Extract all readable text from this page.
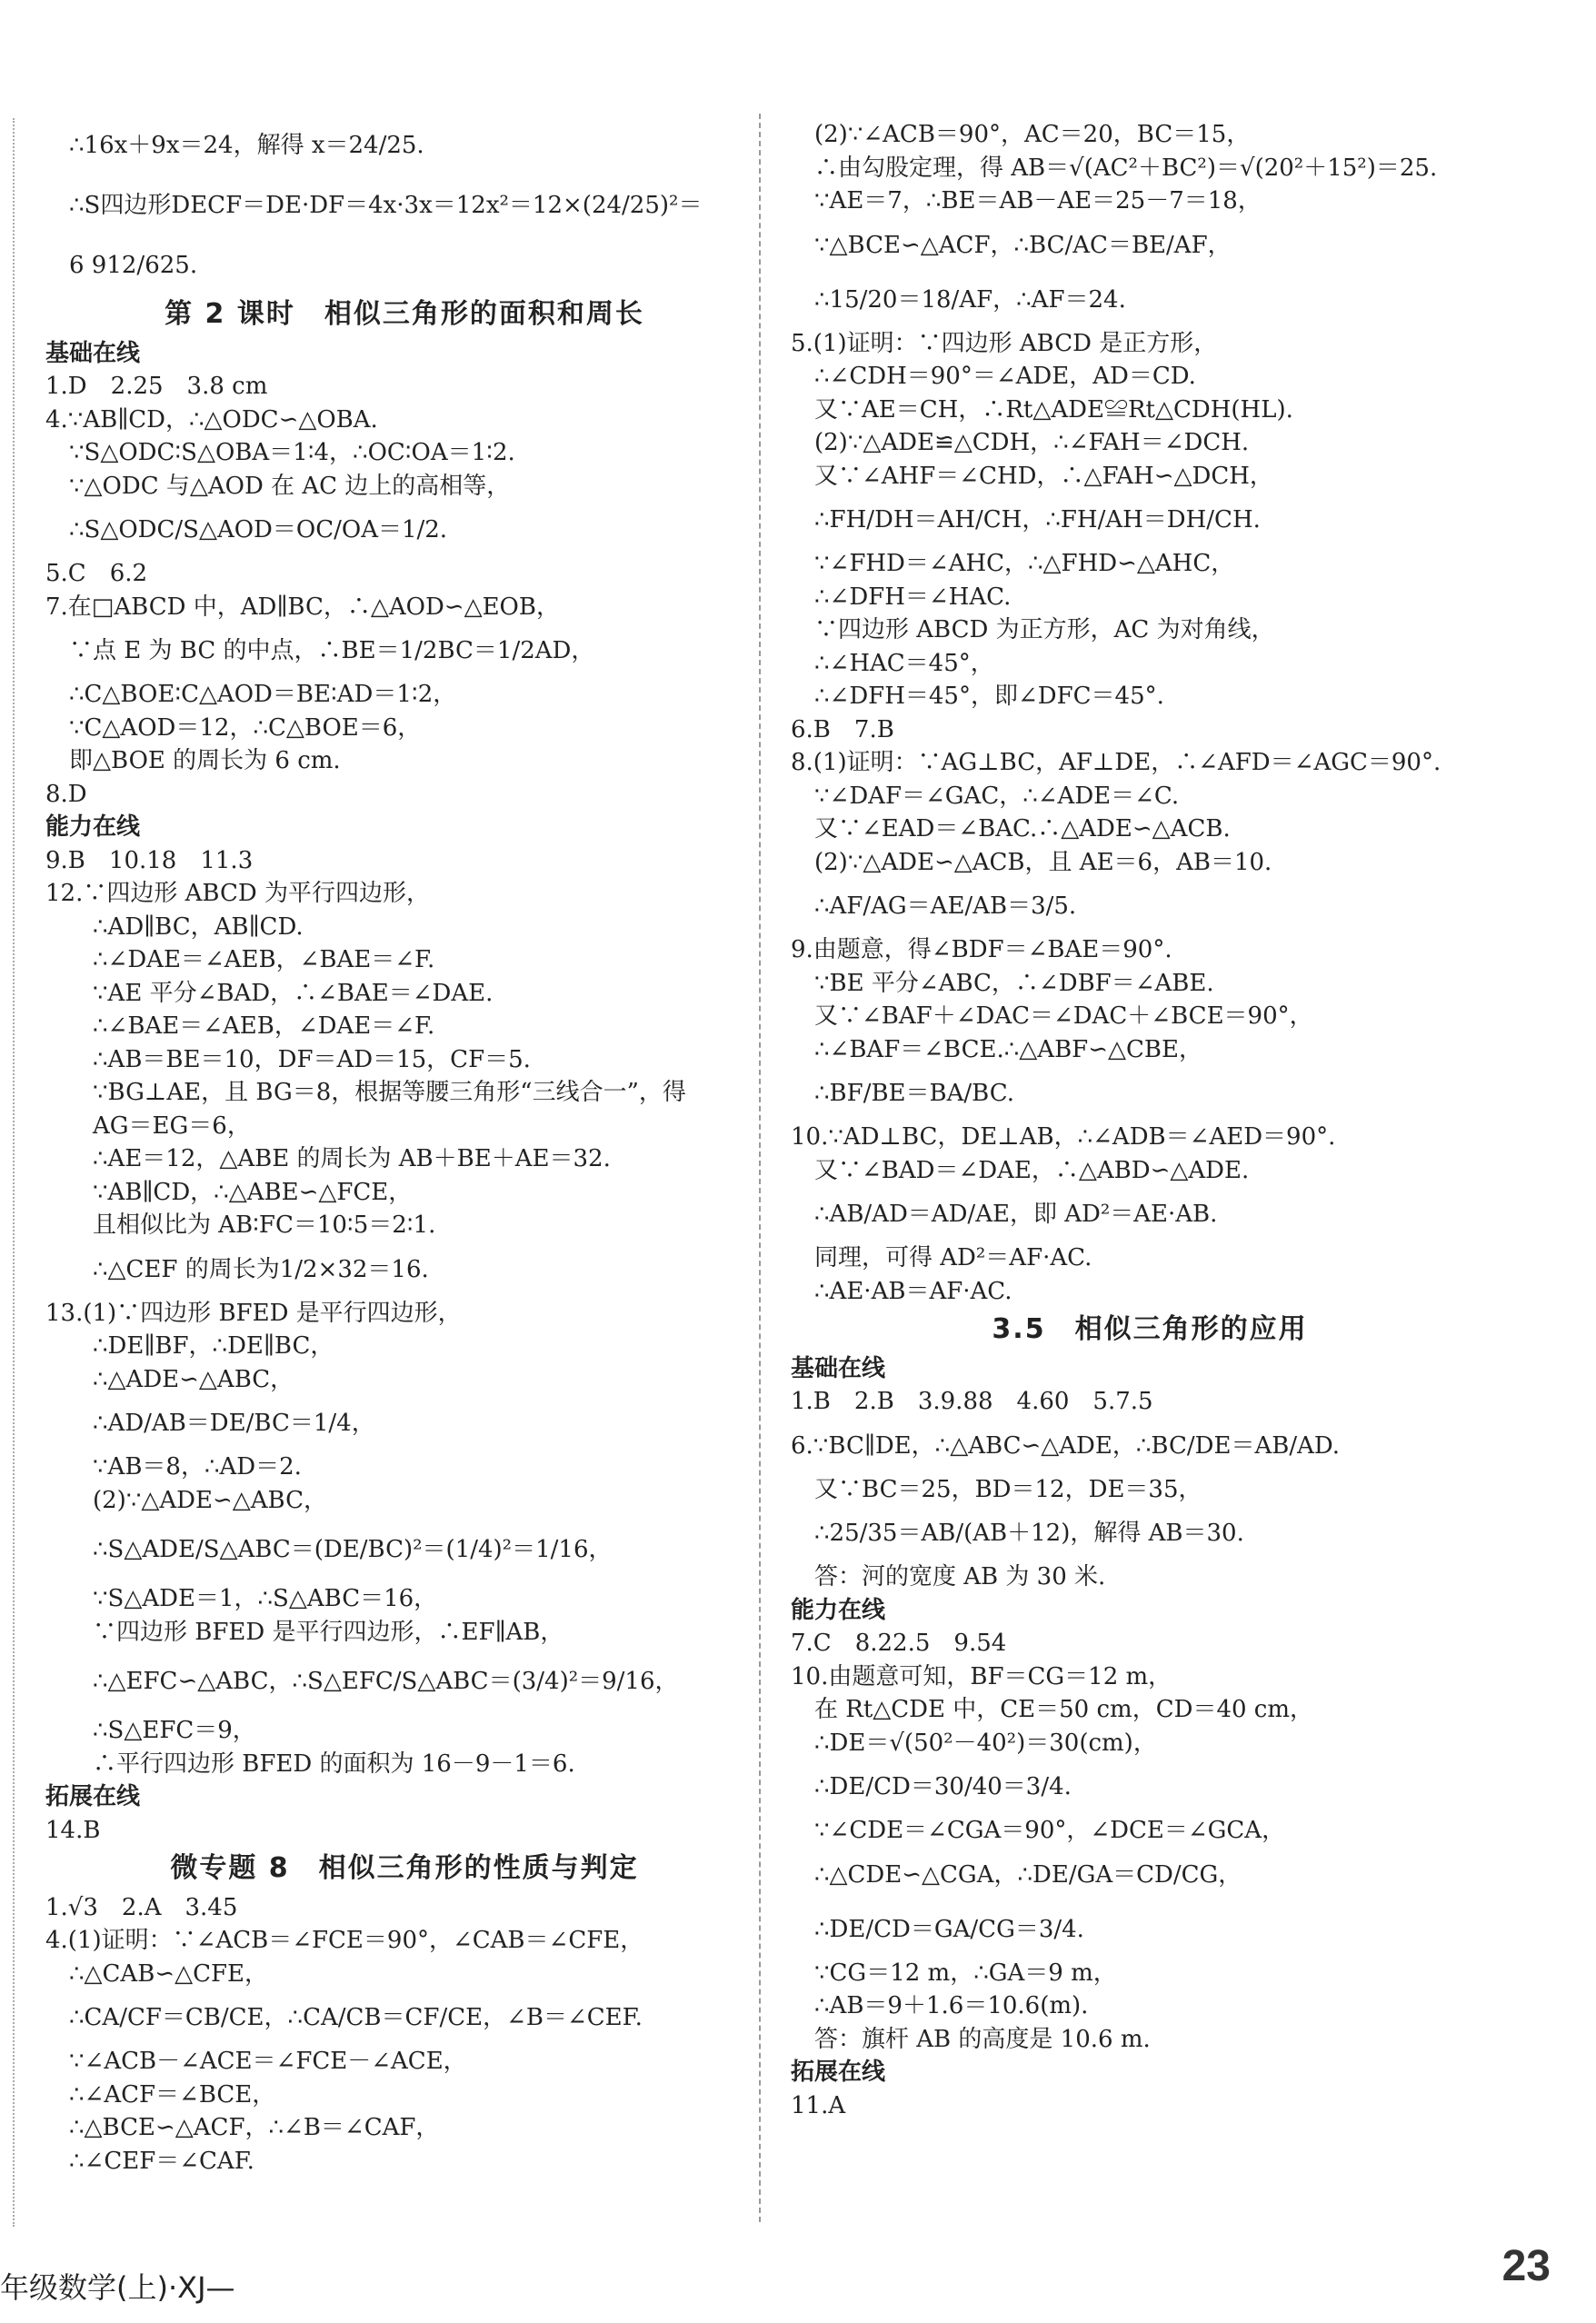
∴16x＋9x＝24，解得 x＝24/25.
∴S四边形DECF＝DE·DF＝4x·3x＝12x²＝12×(24/25)²＝
6 912/625.
第 2 课时　相似三角形的面积和周长
基础在线
1.D　2.25　3.8 cm
4.∵AB∥CD，∴△ODC∽△OBA.
∵S△ODC∶S△OBA＝1∶4，∴OC∶OA＝1∶2.
∵△ODC 与△AOD 在 AC 边上的高相等，
∴S△ODC/S△AOD＝OC/OA＝1/2.
5.C　6.2
7.在□ABCD 中，AD∥BC，∴△AOD∽△EOB，
∵点 E 为 BC 的中点，∴BE＝1/2BC＝1/2AD，
∴C△BOE∶C△AOD＝BE∶AD＝1∶2，
∵C△AOD＝12，∴C△BOE＝6，
即△BOE 的周长为 6 cm.
8.D
能力在线
9.B　10.18　11.3
12.∵四边形 ABCD 为平行四边形，
∴AD∥BC，AB∥CD.
∴∠DAE＝∠AEB，∠BAE＝∠F.
∵AE 平分∠BAD，∴∠BAE＝∠DAE.
∴∠BAE＝∠AEB，∠DAE＝∠F.
∴AB＝BE＝10，DF＝AD＝15，CF＝5.
∵BG⊥AE，且 BG＝8，根据等腰三角形“三线合一”，得
AG＝EG＝6，
∴AE＝12，△ABE 的周长为 AB＋BE＋AE＝32.
∵AB∥CD，∴△ABE∽△FCE，
且相似比为 AB∶FC＝10∶5＝2∶1.
∴△CEF 的周长为1/2×32＝16.
13.(1)∵四边形 BFED 是平行四边形，
∴DE∥BF，∴DE∥BC，
∴△ADE∽△ABC，
∴AD/AB＝DE/BC＝1/4，
∵AB＝8，∴AD＝2.
(2)∵△ADE∽△ABC，
∴S△ADE/S△ABC＝(DE/BC)²＝(1/4)²＝1/16，
∵S△ADE＝1，∴S△ABC＝16，
∵四边形 BFED 是平行四边形，∴EF∥AB，
∴△EFC∽△ABC，∴S△EFC/S△ABC＝(3/4)²＝9/16，
∴S△EFC＝9，
∴平行四边形 BFED 的面积为 16－9－1＝6.
拓展在线
14.B
微专题 8　相似三角形的性质与判定
1.√3　2.A　3.45
4.(1)证明：∵∠ACB＝∠FCE＝90°，∠CAB＝∠CFE，
∴△CAB∽△CFE，
∴CA/CF＝CB/CE，∴CA/CB＝CF/CE，∠B＝∠CEF.
∵∠ACB－∠ACE＝∠FCE－∠ACE，
∴∠ACF＝∠BCE，
∴△BCE∽△ACF，∴∠B＝∠CAF，
∴∠CEF＝∠CAF.
(2)∵∠ACB＝90°，AC＝20，BC＝15，
∴由勾股定理，得 AB＝√(AC²＋BC²)＝√(20²＋15²)＝25.
∵AE＝7，∴BE＝AB－AE＝25－7＝18，
∵△BCE∽△ACF，∴BC/AC＝BE/AF，
∴15/20＝18/AF，∴AF＝24.
5.(1)证明：∵四边形 ABCD 是正方形，
∴∠CDH＝90°＝∠ADE，AD＝CD.
又∵AE＝CH，∴Rt△ADE≌Rt△CDH(HL).
(2)∵△ADE≌△CDH，∴∠FAH＝∠DCH.
又∵∠AHF＝∠CHD，∴△FAH∽△DCH，
∴FH/DH＝AH/CH，∴FH/AH＝DH/CH.
∵∠FHD＝∠AHC，∴△FHD∽△AHC，
∴∠DFH＝∠HAC.
∵四边形 ABCD 为正方形，AC 为对角线，
∴∠HAC＝45°，
∴∠DFH＝45°，即∠DFC＝45°.
6.B　7.B
8.(1)证明：∵AG⊥BC，AF⊥DE，∴∠AFD＝∠AGC＝90°.
∵∠DAF＝∠GAC，∴∠ADE＝∠C.
又∵∠EAD＝∠BAC.∴△ADE∽△ACB.
(2)∵△ADE∽△ACB，且 AE＝6，AB＝10.
∴AF/AG＝AE/AB＝3/5.
9.由题意，得∠BDF＝∠BAE＝90°.
∵BE 平分∠ABC，∴∠DBF＝∠ABE.
又∵∠BAF＋∠DAC＝∠DAC＋∠BCE＝90°，
∴∠BAF＝∠BCE.∴△ABF∽△CBE，
∴BF/BE＝BA/BC.
10.∵AD⊥BC，DE⊥AB，∴∠ADB＝∠AED＝90°.
又∵∠BAD＝∠DAE，∴△ABD∽△ADE.
∴AB/AD＝AD/AE，即 AD²＝AE·AB.
同理，可得 AD²＝AF·AC.
∴AE·AB＝AF·AC.
3.5　相似三角形的应用
基础在线
1.B　2.B　3.9.88　4.60　5.7.5
6.∵BC∥DE，∴△ABC∽△ADE，∴BC/DE＝AB/AD.
又∵BC＝25，BD＝12，DE＝35，
∴25/35＝AB/(AB＋12)，解得 AB＝30.
答：河的宽度 AB 为 30 米.
能力在线
7.C　8.22.5　9.54
10.由题意可知，BF＝CG＝12 m，
在 Rt△CDE 中，CE＝50 cm，CD＝40 cm，
∴DE＝√(50²－40²)＝30(cm)，
∴DE/CD＝30/40＝3/4.
∵∠CDE＝∠CGA＝90°，∠DCE＝∠GCA，
∴△CDE∽△CGA，∴DE/GA＝CD/CG，
∴DE/CD＝GA/CG＝3/4.
∵CG＝12 m，∴GA＝9 m，
∴AB＝9＋1.6＝10.6(m).
答：旗杆 AB 的高度是 10.6 m.
拓展在线
11.A
年级数学(上)·XJ—	23
